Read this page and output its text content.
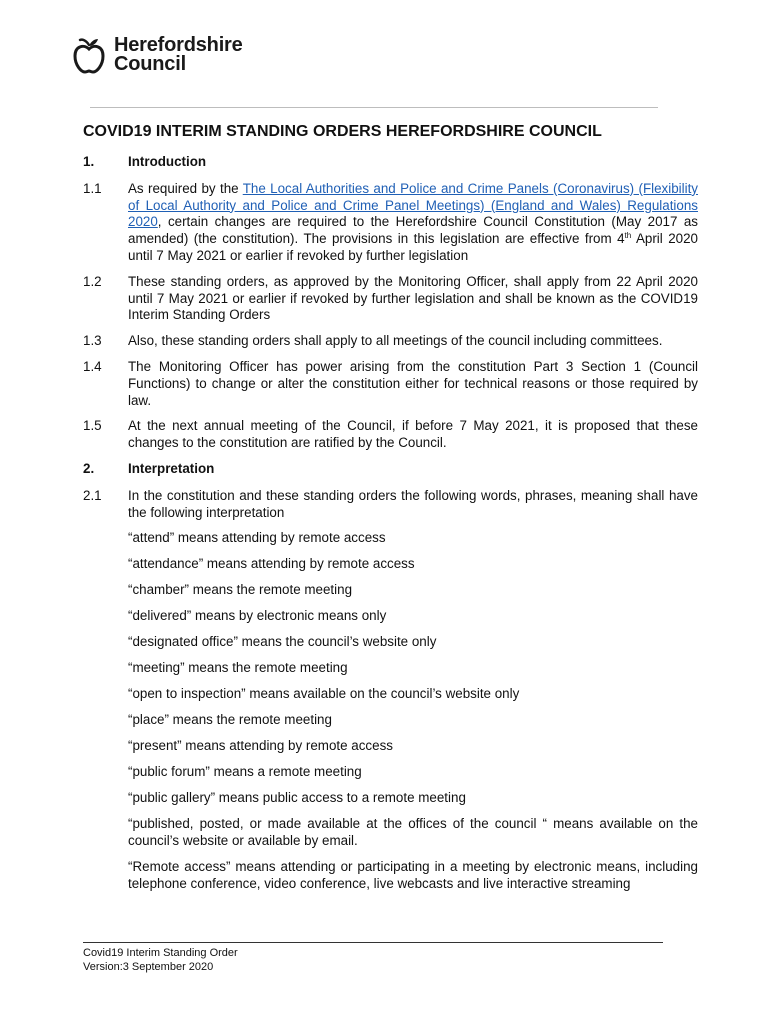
Herefordshire
Council
COVID19 INTERIM STANDING ORDERS HEREFORDSHIRE COUNCIL
1.	Introduction
1.1	As required by the The Local Authorities and Police and Crime Panels (Coronavirus) (Flexibility of Local Authority and Police and Crime Panel Meetings) (England and Wales) Regulations 2020, certain changes are required to the Herefordshire Council Constitution (May 2017 as amended) (the constitution). The provisions in this legislation are effective from 4th April 2020 until 7 May 2021 or earlier if revoked by further legislation
1.2	These standing orders, as approved by the Monitoring Officer, shall apply from 22 April 2020 until 7 May 2021 or earlier if revoked by further legislation and shall be known as the COVID19 Interim Standing Orders
1.3	Also, these standing orders shall apply to all meetings of the council including committees.
1.4	The Monitoring Officer has power arising from the constitution Part 3 Section 1 (Council Functions) to change or alter the constitution either for technical reasons or those required by law.
1.5	At the next annual meeting of the Council, if before 7 May 2021, it is proposed that these changes to the constitution are ratified by the Council.
2.	Interpretation
2.1	In the constitution and these standing orders the following words, phrases, meaning shall have the following interpretation
“attend” means attending by remote access
“attendance” means attending by remote access
“chamber” means the remote meeting
“delivered” means by electronic means only
“designated office” means the council’s website only
“meeting” means the remote meeting
“open to inspection” means available on the council’s website only
“place” means the remote meeting
“present” means attending by remote access
“public forum” means a remote meeting
“public gallery” means public access to a remote meeting
“published, posted, or made available at the offices of the council “ means available on the council’s website or available by email.
“Remote access” means attending or participating in a meeting by electronic means, including telephone conference, video conference, live webcasts and live interactive streaming
Covid19 Interim Standing Order
Version:3 September 2020
